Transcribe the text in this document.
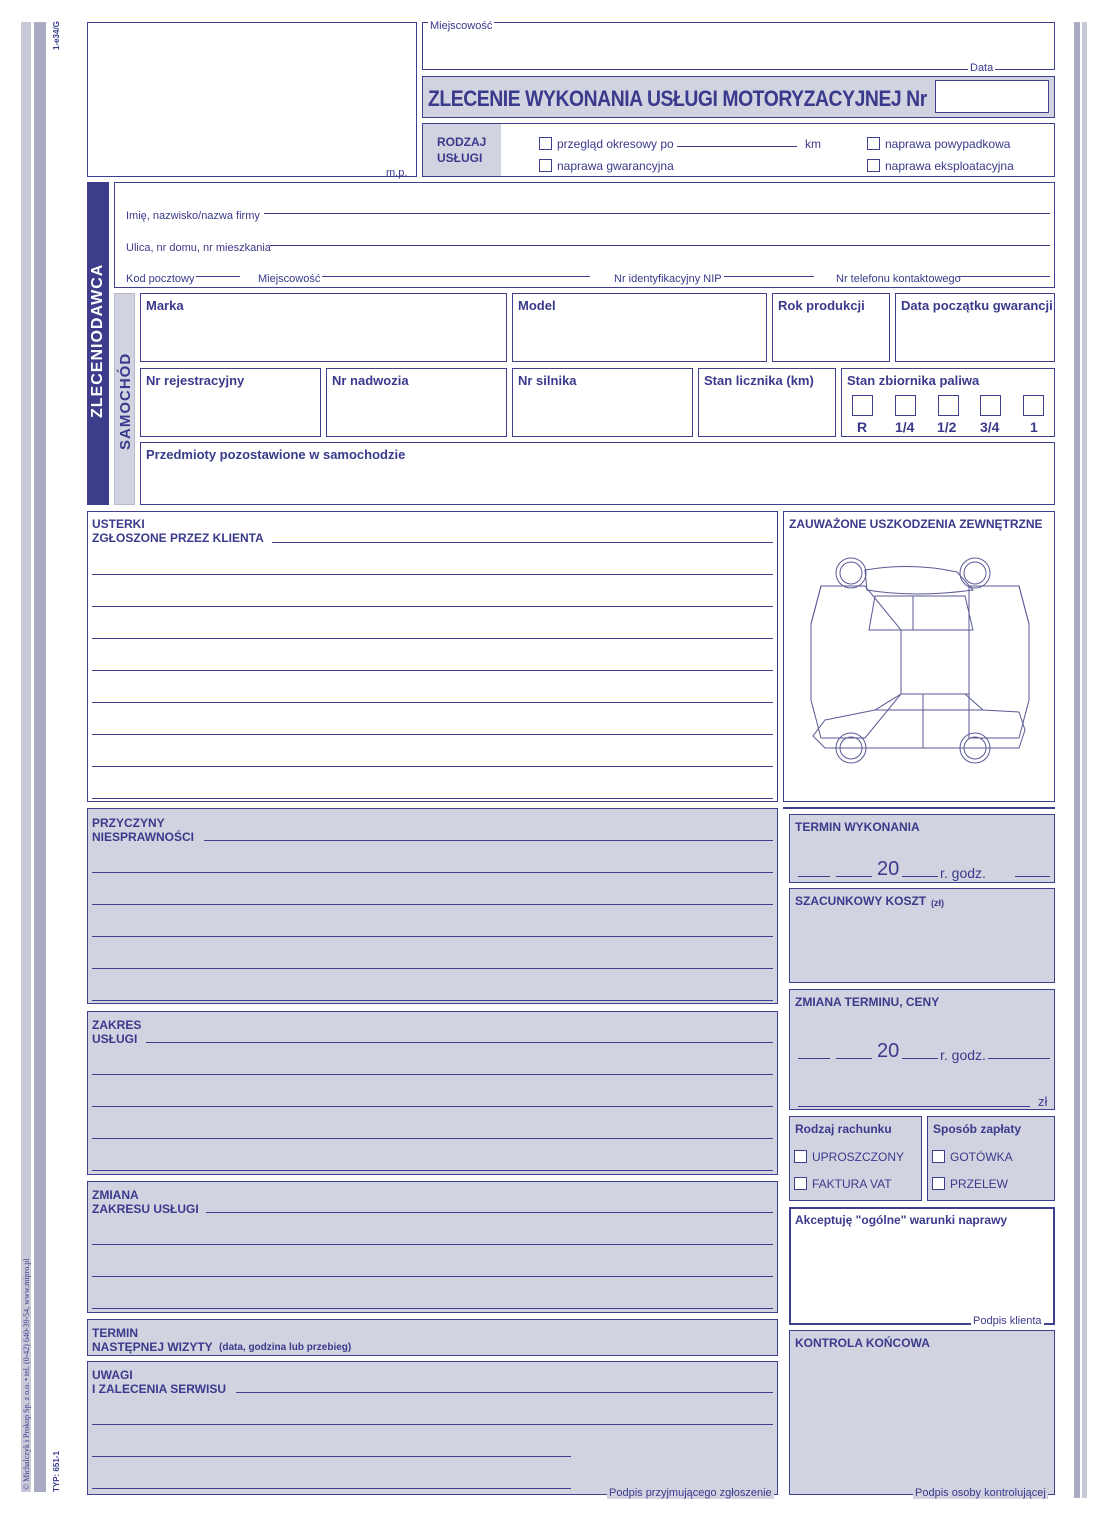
1-e34/G
© Michalczyk i Prokop Sp. z o.o. • tel. (0-42) 640-39-54, www.mipro.pl	TYP: 651-1
m.p.
Miejscowość
Data
ZLECENIE WYKONANIA USŁUGI MOTORYZACYJNEJ Nr
RODZAJ
USŁUGI
przegląd okresowy po	km
naprawa gwarancyjna
naprawa powypadkowa
naprawa eksploatacyjna
ZLECENIODAWCA
Imię, nazwisko/nazwa firmy
Ulica, nr domu, nr mieszkania
Kod pocztowy	Miejscowość	Nr identyfikacyjny NIP	Nr telefonu kontaktowego
SAMOCHÓD
Marka	Model	Rok produkcji	Data początku gwarancji
Nr rejestracyjny	Nr nadwozia	Nr silnika	Stan licznika (km)	Stan zbiornika paliwa
R 1/4 1/2 3/4 1
Przedmioty pozostawione w samochodzie
USTERKI
ZGŁOSZONE PRZEZ KLIENTA
ZAUWAŻONE USZKODZENIA ZEWNĘTRZNE
PRZYCZYNY
NIESPRAWNOŚCI
ZAKRES
USŁUGI
ZMIANA
ZAKRESU USŁUGI
TERMIN
NASTĘPNEJ WIZYTY (data, godzina lub przebieg)
UWAGI
I ZALECENIA SERWISU
Podpis przyjmującego zgłoszenie
TERMIN WYKONANIA
20	r. godz.
SZACUNKOWY KOSZT (zł)
ZMIANA TERMINU, CENY
20	r. godz.
zł
Rodzaj rachunku
UPROSZCZONY
FAKTURA VAT
Sposób zapłaty
GOTÓWKA
PRZELEW
Akceptuję "ogólne" warunki naprawy
Podpis klienta
KONTROLA KOŃCOWA
Podpis osoby kontrolującej
